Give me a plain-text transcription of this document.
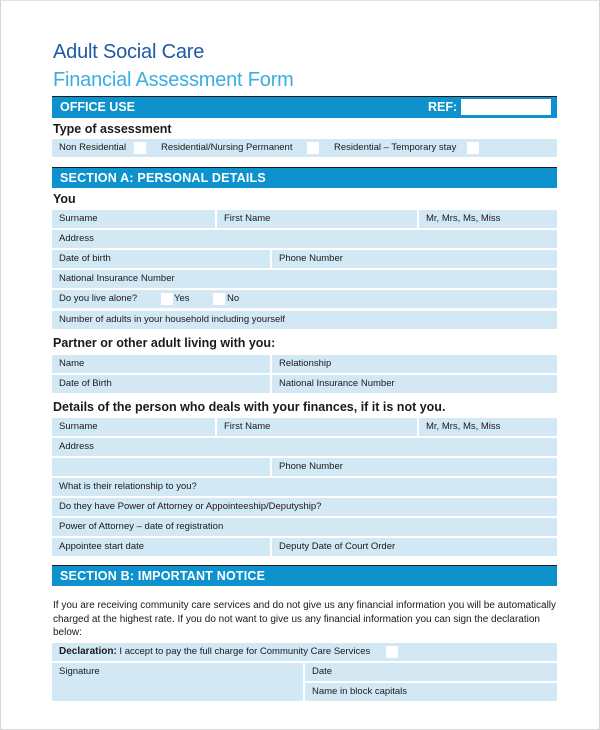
Adult Social Care
Financial Assessment Form
OFFICE USE	REF:
Type of assessment
Non Residential	Residential/Nursing Permanent	Residential – Temporary stay
SECTION A: PERSONAL DETAILS
You
Surname	First Name	Mr, Mrs, Ms, Miss
Address
Date of birth	Phone Number
National Insurance Number
Do you live alone?	Yes	No
Number of adults in your household including yourself
Partner or other adult living with you:
Name	Relationship
Date of Birth	National Insurance Number
Details of the person who deals with your finances, if it is not you.
Surname	First Name	Mr, Mrs, Ms, Miss
Address
Phone Number
What is their relationship to you?
Do they have Power of Attorney or Appointeeship/Deputyship?
Power of Attorney – date of registration
Appointee start date	Deputy Date of Court Order
SECTION B: IMPORTANT NOTICE
If you are receiving community care services and do not give us any financial information you will be automatically charged at the highest rate. If you do not want to give us any financial information you can sign the declaration below:
Declaration: I accept to pay the full charge for Community Care Services
Signature	Date
Name in block capitals
